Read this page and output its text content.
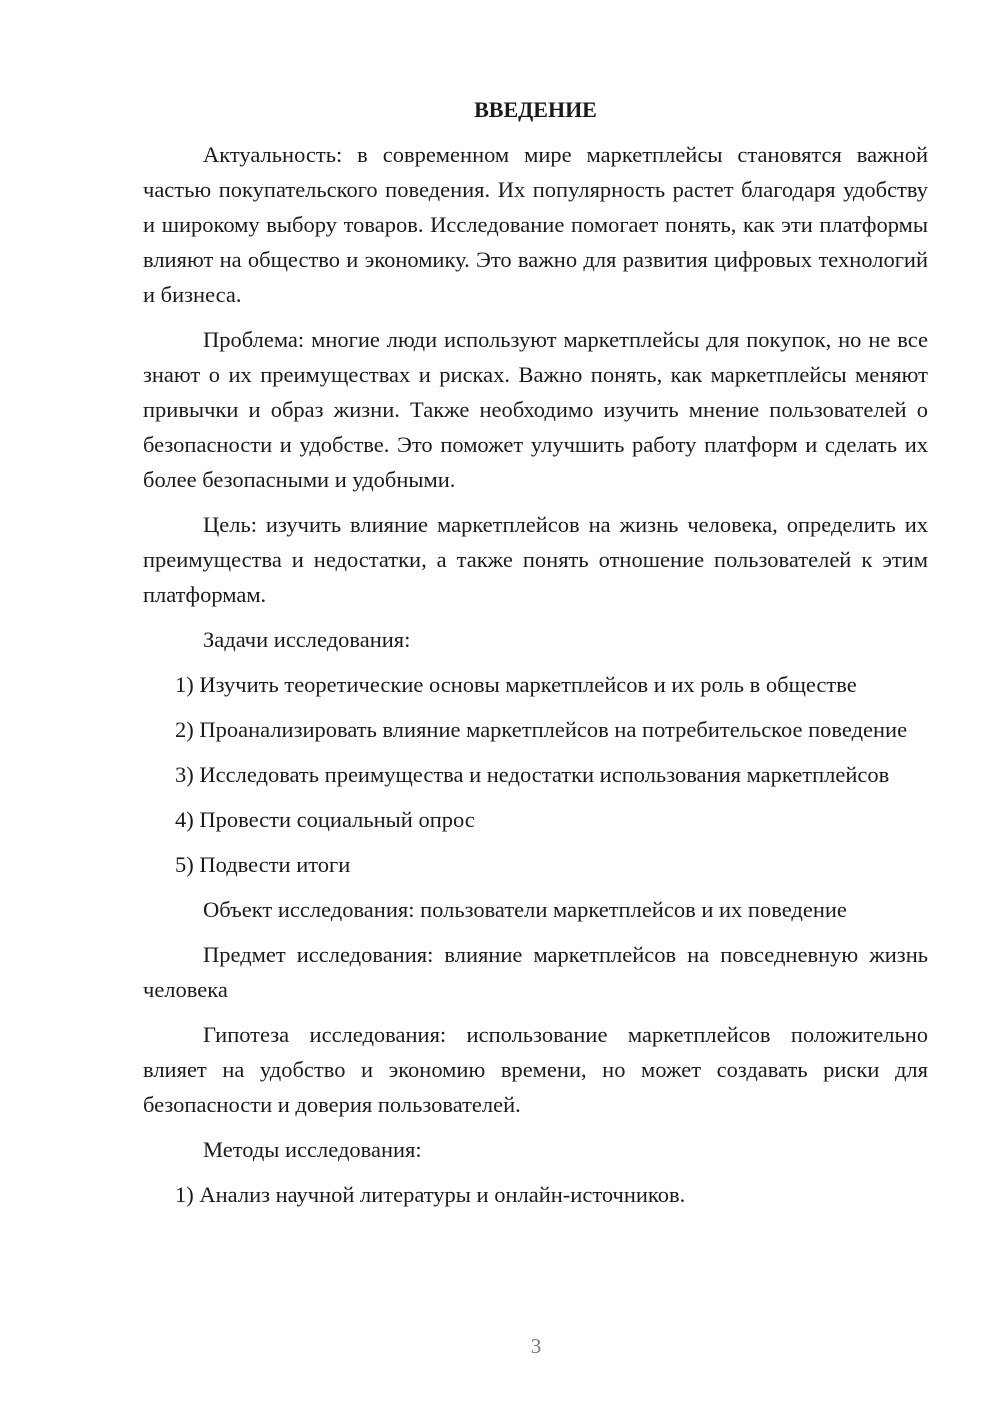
ВВЕДЕНИЕ

Актуальность: в современном мире маркетплейсы становятся важной частью покупательского поведения. Их популярность растет благодаря удобству и широкому выбору товаров. Исследование помогает понять, как эти платформы влияют на общество и экономику. Это важно для развития цифровых технологий и бизнеса.

Проблема: многие люди используют маркетплейсы для покупок, но не все знают о их преимуществах и рисках. Важно понять, как маркетплейсы меняют привычки и образ жизни. Также необходимо изучить мнение пользователей о безопасности и удобстве. Это поможет улучшить работу платформ и сделать их более безопасными и удобными.

Цель: изучить влияние маркетплейсов на жизнь человека, определить их преимущества и недостатки, а также понять отношение пользователей к этим платформам.

Задачи исследования:

1) Изучить теоретические основы маркетплейсов и их роль в обществе

2) Проанализировать влияние маркетплейсов на потребительское поведение

3) Исследовать преимущества и недостатки использования маркетплейсов

4) Провести социальный опрос

5) Подвести итоги

Объект исследования: пользователи маркетплейсов и их поведение

Предмет исследования: влияние маркетплейсов на повседневную жизнь человека

Гипотеза исследования: использование маркетплейсов положительно влияет на удобство и экономию времени, но может создавать риски для безопасности и доверия пользователей.

Методы исследования:

1) Анализ научной литературы и онлайн-источников.

3
